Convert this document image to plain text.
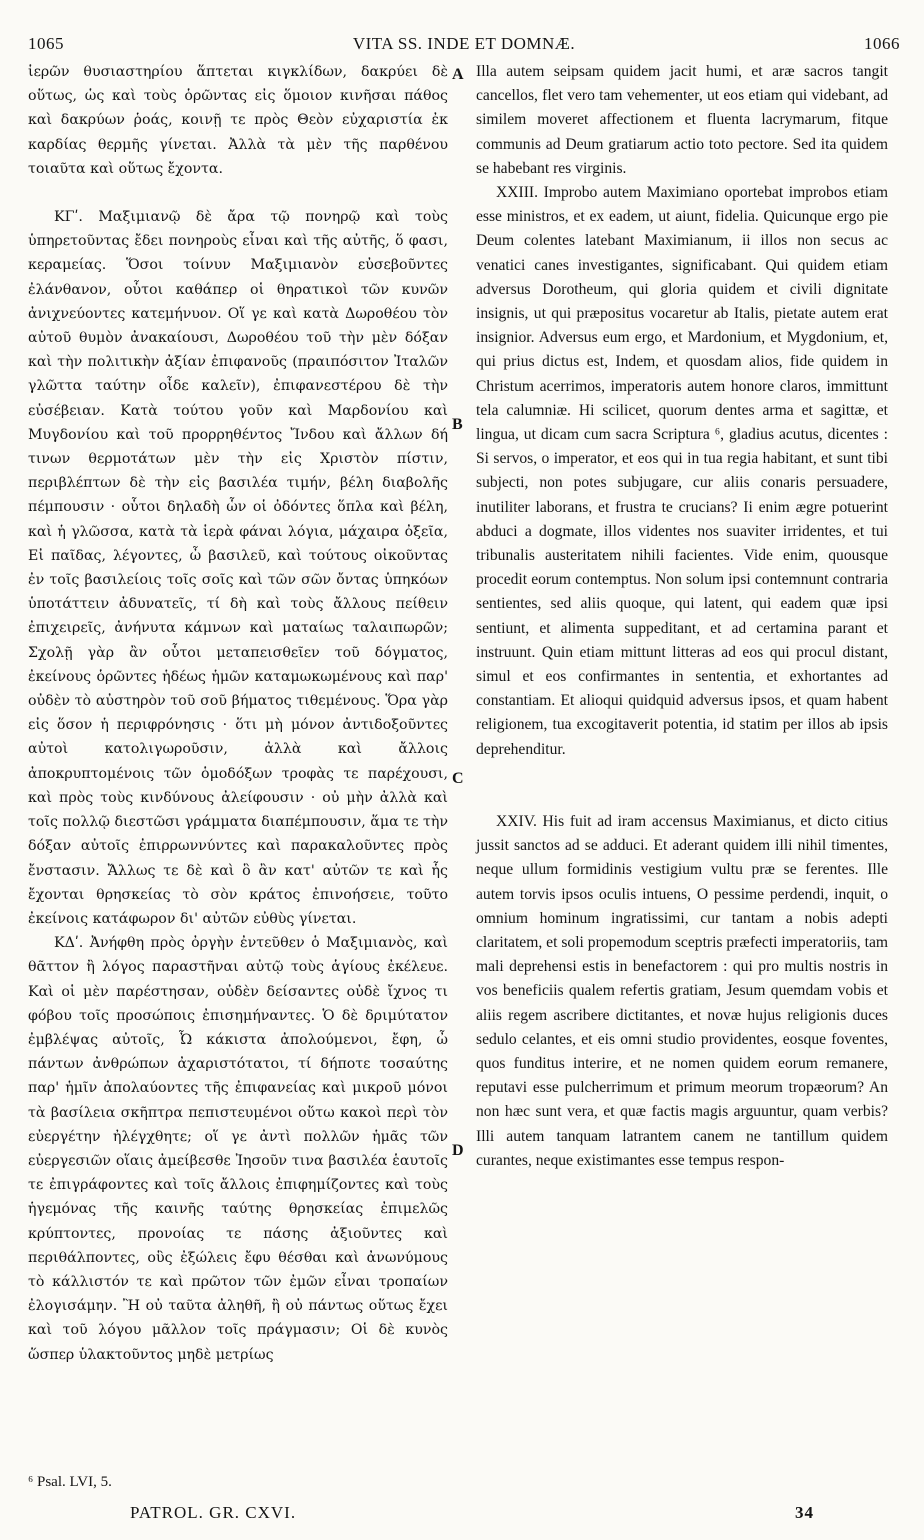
1065	VITA SS. INDE ET DOMNÆ.	1066

ἱερῶν θυσιαστηρίου ἅπτεται κιγκλίδων, δακρύει δὲ οὕτως, ὡς καὶ τοὺς ὁρῶντας εἰς ὅμοιον κινῆσαι πάθος καὶ δακρύων ῥοάς, κοινῇ τε πρὸς Θεὸν εὐχαριστία ἐκ καρδίας θερμῆς γίνεται. Ἀλλὰ τὰ μὲν τῆς παρθένου τοιαῦτα καὶ οὕτως ἔχοντα.

ΚΓʹ. Μαξιμιανῷ δὲ ἄρα τῷ πονηρῷ καὶ τοὺς ὑπηρετοῦντας ἔδει πονηροὺς εἶναι καὶ τῆς αὐτῆς, ὅ φασι, κεραμείας. Ὅσοι τοίνυν Μαξιμιανὸν εὐσεβοῦντες ἐλάνθανον, οὗτοι καθάπερ οἱ θηρατικοὶ τῶν κυνῶν ἀνιχνεύοντες κατεμήνυον. Οἵ γε καὶ κατὰ Δωροθέου τὸν αὐτοῦ θυμὸν ἀνακαίουσι, Δωροθέου τοῦ τὴν μὲν δόξαν καὶ τὴν πολιτικὴν ἀξίαν ἐπιφανοῦς (πραιπόσιτον Ἰταλῶν γλῶττα ταύτην οἶδε καλεῖν), ἐπιφανεστέρου δὲ τὴν εὐσέβειαν. Κατὰ τούτου γοῦν καὶ Μαρδονίου καὶ Μυγδονίου καὶ τοῦ προρρηθέντος Ἴνδου καὶ ἄλλων δή τινων θερμοτάτων μὲν τὴν εἰς Χριστὸν πίστιν, περιβλέπτων δὲ τὴν εἰς βασιλέα τιμήν, βέλη διαβολῆς πέμπουσιν · οὗτοι δηλαδὴ ὧν οἱ ὀδόντες ὅπλα καὶ βέλη, καὶ ἡ γλῶσσα, κατὰ τὰ ἱερὰ φάναι λόγια, μάχαιρα ὀξεῖα, Εἰ παῖδας, λέγοντες, ὦ βασιλεῦ, καὶ τούτους οἰκοῦντας ἐν τοῖς βασιλείοις τοῖς σοῖς καὶ τῶν σῶν ὄντας ὑπηκόων ὑποτάττειν ἀδυνατεῖς, τί δὴ καὶ τοὺς ἄλλους πείθειν ἐπιχειρεῖς, ἀνήνυτα κάμνων καὶ ματαίως ταλαιπωρῶν; Σχολῇ γὰρ ἂν οὗτοι μεταπεισθεῖεν τοῦ δόγματος, ἐκείνους ὁρῶντες ἡδέως ἡμῶν καταμωκωμένους καὶ παρ' οὐδὲν τὸ αὐστηρὸν τοῦ σοῦ βήματος τιθεμένους. Ὅρα γὰρ εἰς ὅσον ἡ περιφρόνησις · ὅτι μὴ μόνον ἀντιδοξοῦντες αὐτοὶ κατολιγωροῦσιν, ἀλλὰ καὶ ἄλλοις ἀποκρυπτομένοις τῶν ὁμοδόξων τροφὰς τε παρέχουσι, καὶ πρὸς τοὺς κινδύνους ἀλείφουσιν · οὐ μὴν ἀλλὰ καὶ τοῖς πολλῷ διεστῶσι γράμματα διαπέμπουσιν, ἅμα τε τὴν δόξαν αὐτοῖς ἐπιρρωννύντες καὶ παρακαλοῦντες πρὸς ἔνστασιν. Ἄλλως τε δὲ καὶ ὃ ἂν κατ' αὐτῶν τε καὶ ἧς ἔχονται θρησκείας τὸ σὸν κράτος ἐπινοήσειε, τοῦτο ἐκείνοις κατάφωρον δι' αὐτῶν εὐθὺς γίνεται.

ΚΔʹ. Ἀνήφθη πρὸς ὀργὴν ἐντεῦθεν ὁ Μαξιμιανὸς, καὶ θᾶττον ἢ λόγος παραστῆναι αὐτῷ τοὺς ἁγίους ἐκέλευε. Καὶ οἱ μὲν παρέστησαν, οὐδὲν δείσαντες οὐδὲ ἴχνος τι φόβου τοῖς προσώποις ἐπισημήναντες. Ὁ δὲ δριμύτατον ἐμβλέψας αὐτοῖς, Ὦ κάκιστα ἀπολούμενοι, ἔφη, ὦ πάντων ἀνθρώπων ἀχαριστότατοι, τί δήποτε τοσαύτης παρ' ἡμῖν ἀπολαύοντες τῆς ἐπιφανείας καὶ μικροῦ μόνοι τὰ βασίλεια σκῆπτρα πεπιστευμένοι οὕτω κακοὶ περὶ τὸν εὐεργέτην ἠλέγχθητε; οἵ γε ἀντὶ πολλῶν ἡμᾶς τῶν εὐεργεσιῶν οἵαις ἀμείβεσθε Ἰησοῦν τινα βασιλέα ἑαυτοῖς τε ἐπιγράφοντες καὶ τοῖς ἄλλοις ἐπιφημίζοντες καὶ τοὺς ἡγεμόνας τῆς καινῆς ταύτης θρησκείας ἐπιμελῶς κρύπτοντες, προνοίας τε πάσης ἀξιοῦντες καὶ περιθάλποντες, οὓς ἐξώλεις ἔφυ θέσθαι καὶ ἀνωνύμους τὸ κάλλιστόν τε καὶ πρῶτον τῶν ἐμῶν εἶναι τροπαίων ἐλογισάμην. Ἢ οὐ ταῦτα ἀληθῆ, ἢ οὐ πάντως οὕτως ἔχει καὶ τοῦ λόγου μᾶλλον τοῖς πράγμασιν; Οἱ δὲ κυνὸς ὥσπερ ὑλακτοῦντος μηδὲ μετρίως

Illa autem seipsam quidem jacit humi, et aræ sacros tangit cancellos, flet vero tam vehementer, ut eos etiam qui videbant, ad similem moveret affectionem et fluenta lacrymarum, fitque communis ad Deum gratiarum actio toto pectore. Sed ita quidem se habebant res virginis.

XXIII. Improbo autem Maximiano oportebat improbos etiam esse ministros, et ex eadem, ut aiunt, fidelia. Quicunque ergo pie Deum colentes latebant Maximianum, ii illos non secus ac venatici canes investigantes, significabant. Qui quidem etiam adversus Dorotheum, qui gloria quidem et civili dignitate insignis, ut qui præpositus vocaretur ab Italis, pietate autem erat insignior. Adversus eum ergo, et Mardonium, et Mygdonium, et, qui prius dictus est, Indem, et quosdam alios, fide quidem in Christum acerrimos, imperatoris autem honore claros, immittunt tela calumniæ. Hi scilicet, quorum dentes arma et sagittæ, et lingua, ut dicam cum sacra Scriptura ⁶, gladius acutus, dicentes : Si servos, o imperator, et eos qui in tua regia habitant, et sunt tibi subjecti, non potes subjugare, cur aliis conaris persuadere, inutiliter laborans, et frustra te crucians? Ii enim ægre potuerint abduci a dogmate, illos videntes nos suaviter irridentes, et tui tribunalis austeritatem nihili facientes. Vide enim, quousque procedit eorum contemptus. Non solum ipsi contemnunt contraria sentientes, sed aliis quoque, qui latent, qui eadem quæ ipsi sentiunt, et alimenta suppeditant, et ad certamina parant et instruunt. Quin etiam mittunt litteras ad eos qui procul distant, simul et eos confirmantes in sententia, et exhortantes ad constantiam. Et alioqui quidquid adversus ipsos, et quam habent religionem, tua excogitaverit potentia, id statim per illos ab ipsis deprehenditur.

XXIV. His fuit ad iram accensus Maximianus, et dicto citius jussit sanctos ad se adduci. Et aderant quidem illi nihil timentes, neque ullum formidinis vestigium vultu præ se ferentes. Ille autem torvis ipsos oculis intuens, O pessime perdendi, inquit, o omnium hominum ingratissimi, cur tantam a nobis adepti claritatem, et soli propemodum sceptris præfecti imperatoriis, tam mali deprehensi estis in benefactorem : qui pro multis nostris in vos beneficiis qualem refertis gratiam, Jesum quemdam vobis et aliis regem ascribere dictitantes, et novæ hujus religionis duces sedulo celantes, et eis omni studio providentes, eosque foventes, quos funditus interire, et ne nomen quidem eorum remanere, reputavi esse pulcherrimum et primum meorum tropæorum? An non hæc sunt vera, et quæ factis magis arguuntur, quam verbis? Illi autem tanquam latrantem canem ne tantillum quidem curantes, neque existimantes esse tempus respon-

A
B
C
D
⁶ Psal. LVI, 5.
PATROL. GR. CXVI.	34
